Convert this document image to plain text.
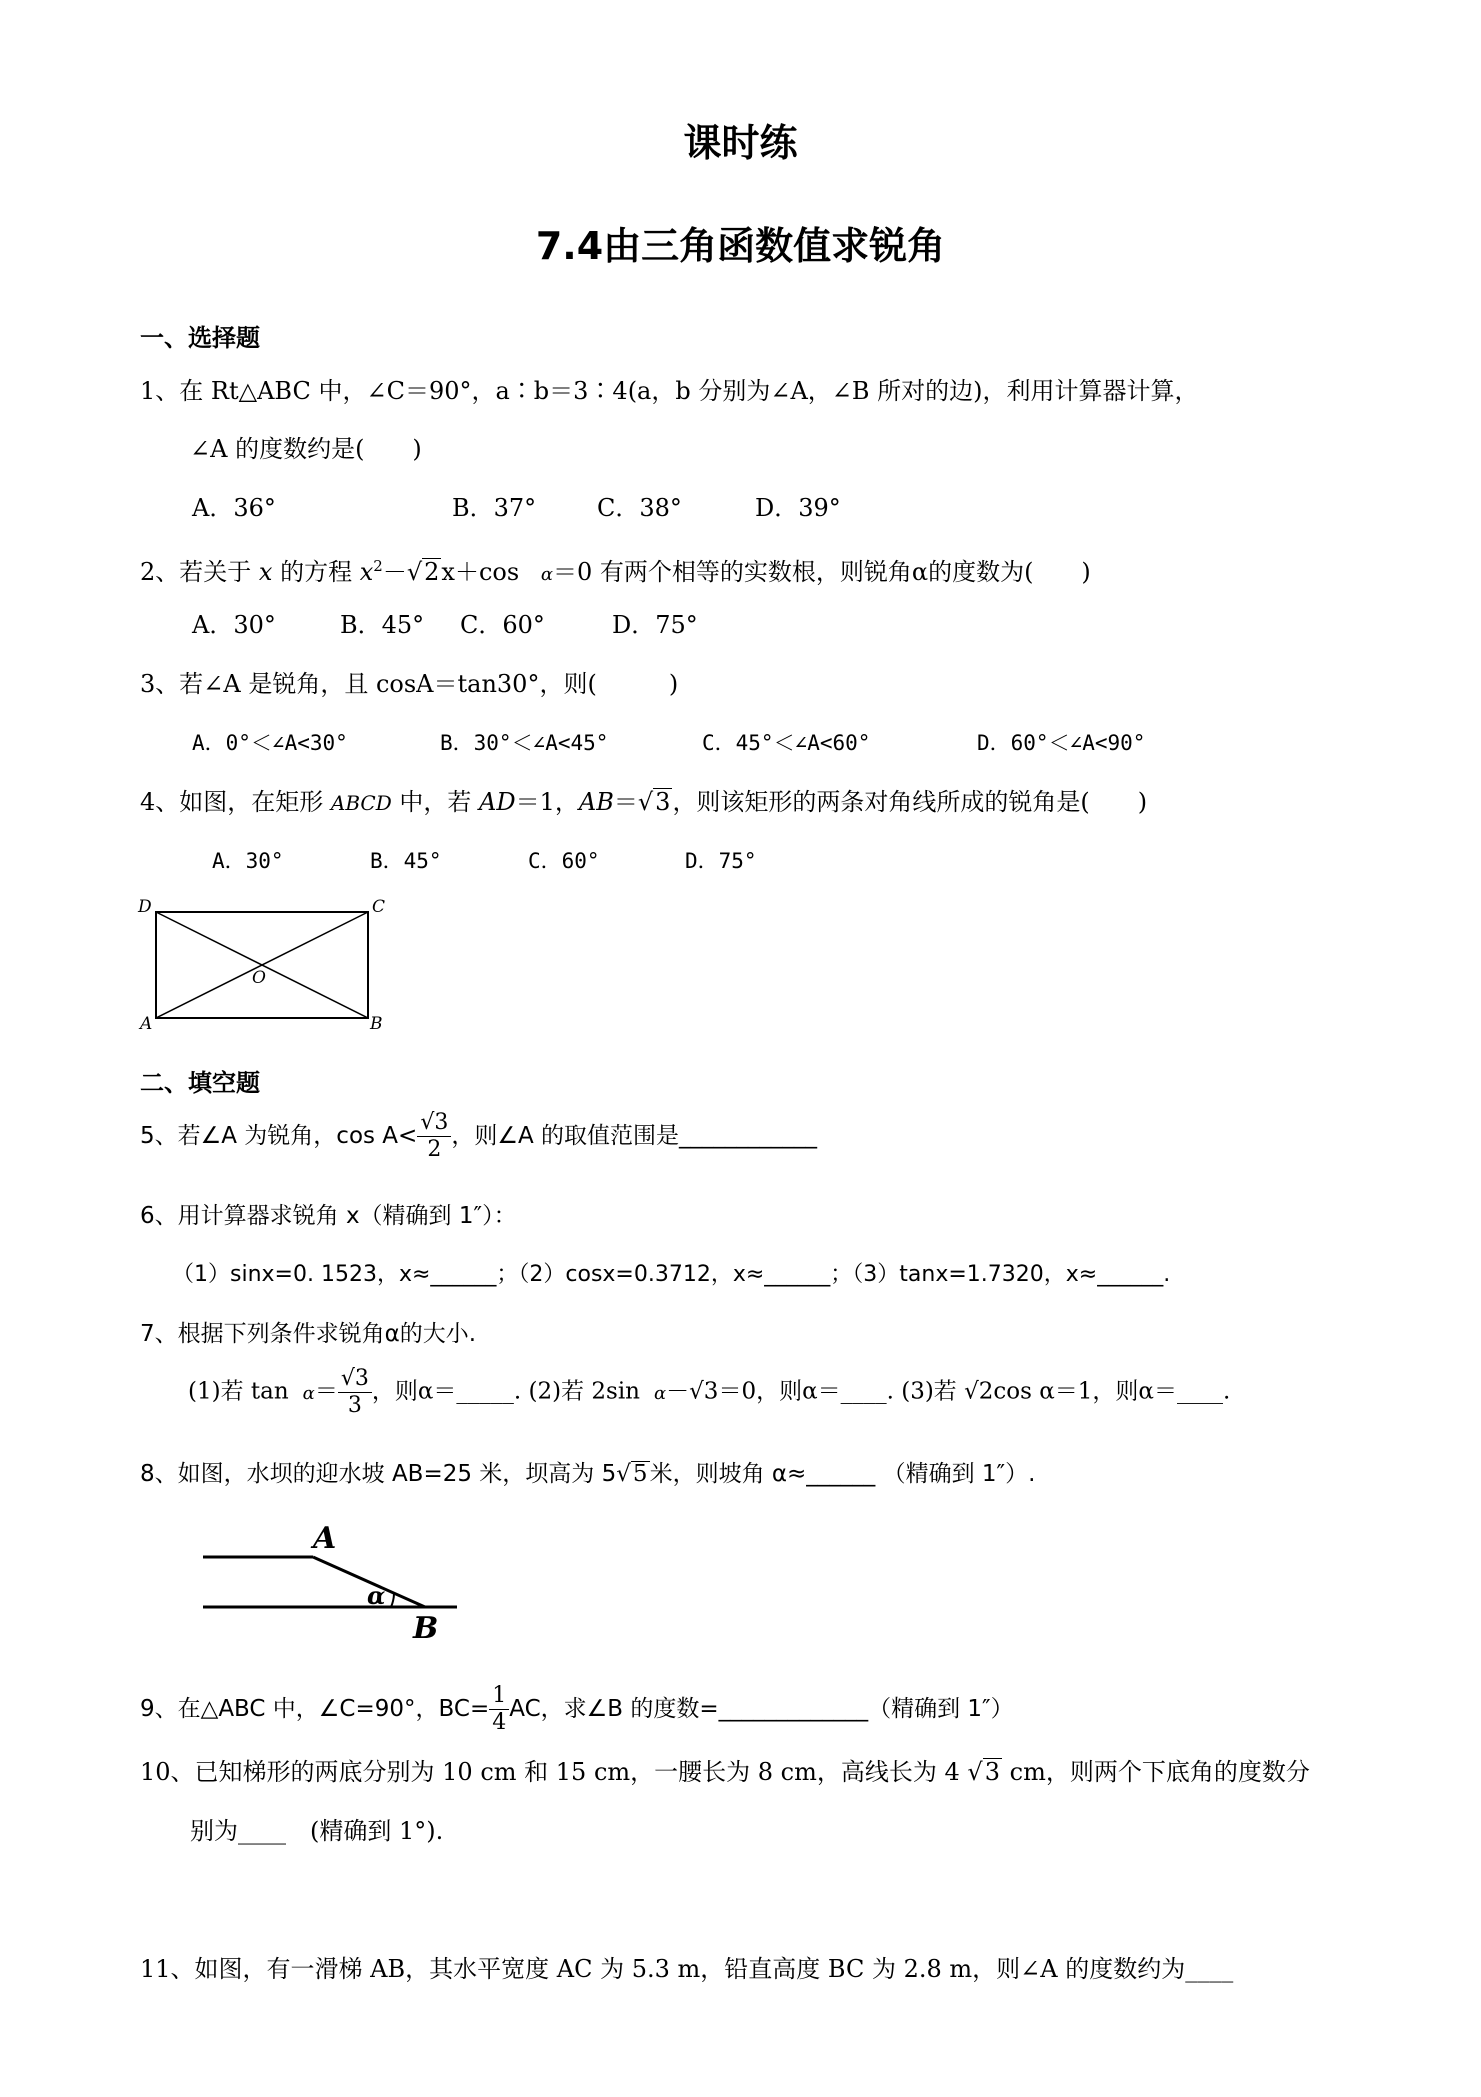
课时练
7.4由三角函数值求锐角
一、选择题
1、在 Rt△ABC 中，∠C＝90°，a∶b＝3∶4(a，b 分别为∠A，∠B 所对的边)，利用计算器计算，
∠A 的度数约是(　　)
A．36°	B．37°	C．38°	D．39°
2、若关于 x 的方程 $x^2-√2x+\cos$ α＝0 有两个相等的实数根，则锐角α的度数为(　　)
A．30°	B．45° C．60°	D．75°
3、若∠A 是锐角，且 cosA＝tan30°，则(　　　)
A．0°＜∠A<30°	B．30°＜∠A<45°	C．45°＜∠A<60°	D．60°＜∠A<90°
4、如图，在矩形 ABCD 中，若 AD＝1，AB＝√3，则该矩形的两条对角线所成的锐角是(　　)
A．30°	B．45°	C．60°	D．75°
D	C
O
A	B
二、填空题
5、若∠A 为锐角，$\cos A< \frac{√3}{2}$ ，则∠A 的取值范围是____________
6、用计算器求锐角 x（精确到 1″）：
（1）sinx=0. 1523，x≈______；（2）cosx=0.3712，x≈______；（3）tanx=1.7320，x≈______.
7、根据下列条件求锐角α的大小.
(1)若 $\tan \alpha= \frac{√3}{3}$ ，则α＝_____. (2)若 2sin α－√3＝0，则α＝____. (3)若 √2cos α＝1，则α＝____.
8、如图，水坝的迎水坡 AB=25 米，坝高为 5√5米，则坡角 α≈______ （精确到 1″）.
A
B
α
9、在△ABC 中，∠C=90°，$BC= \frac{1}{4}$ AC，求∠B 的度数=_____________（精确到 1″）
10、已知梯形的两底分别为 10 cm 和 15 cm，一腰长为 8 cm，高线长为 4 √3 cm，则两个下底角的度数分
别为____　(精确到 1°).
11、如图，有一滑梯 AB，其水平宽度 AC 为 5.3 m，铅直高度 BC 为 2.8 m，则∠A 的度数约为____
